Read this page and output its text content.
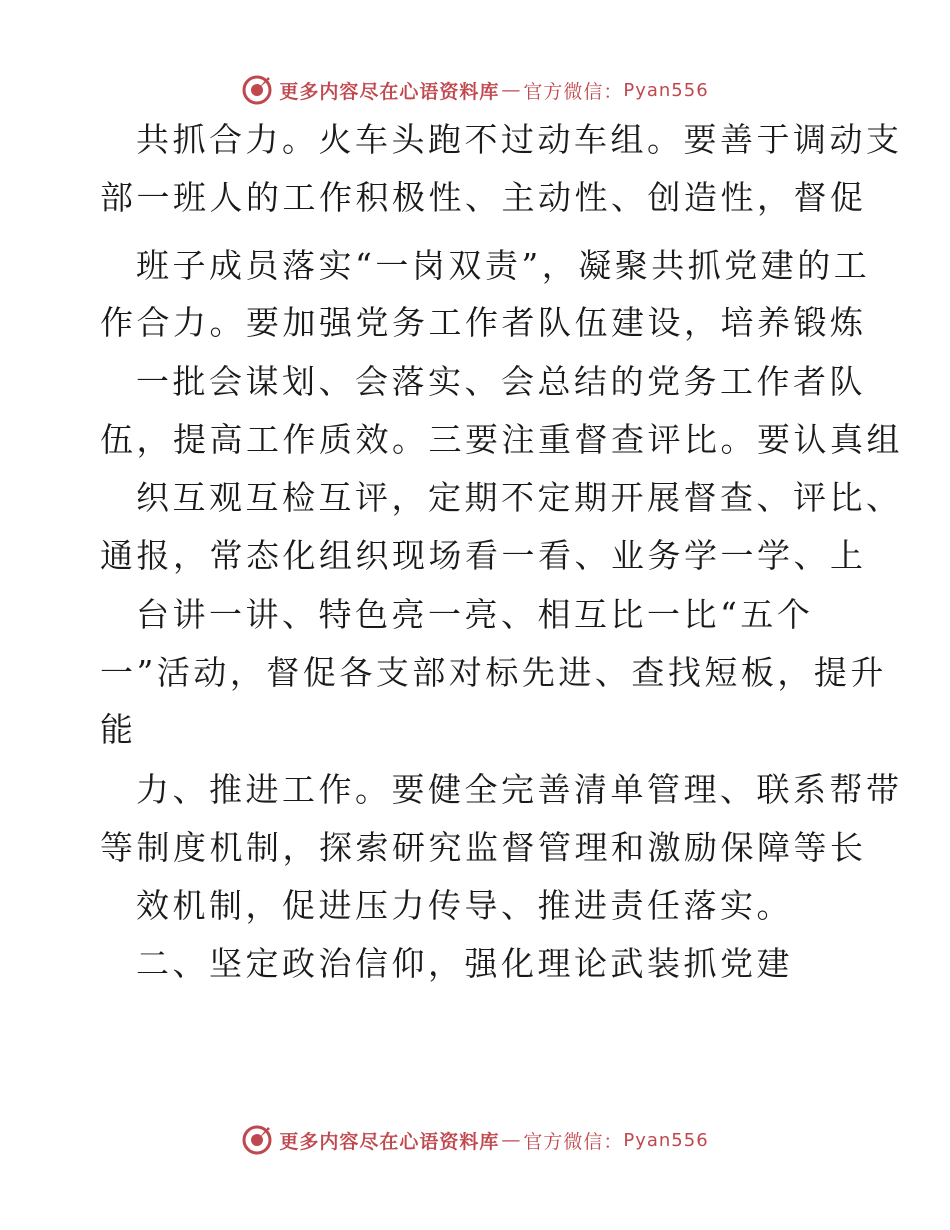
更多内容尽在心语资料库 — 官方微信： Pyan556
共抓合力。火车头跑不过动车组。要善于调动支
部一班人的工作积极性、主动性、创造性，督促
班子成员落实“一岗双责”，凝聚共抓党建的工
作合力。要加强党务工作者队伍建设，培养锻炼
一批会谋划、会落实、会总结的党务工作者队
伍，提高工作质效。三要注重督查评比。要认真组
织互观互检互评，定期不定期开展督查、评比、
通报，常态化组织现场看一看、业务学一学、上
台讲一讲、特色亮一亮、相互比一比“五个
一”活动，督促各支部对标先进、查找短板，提升
能
力、推进工作。要健全完善清单管理、联系帮带
等制度机制，探索研究监督管理和激励保障等长
效机制，促进压力传导、推进责任落实。
二、坚定政治信仰，强化理论武装抓党建
更多内容尽在心语资料库 — 官方微信： Pyan556
